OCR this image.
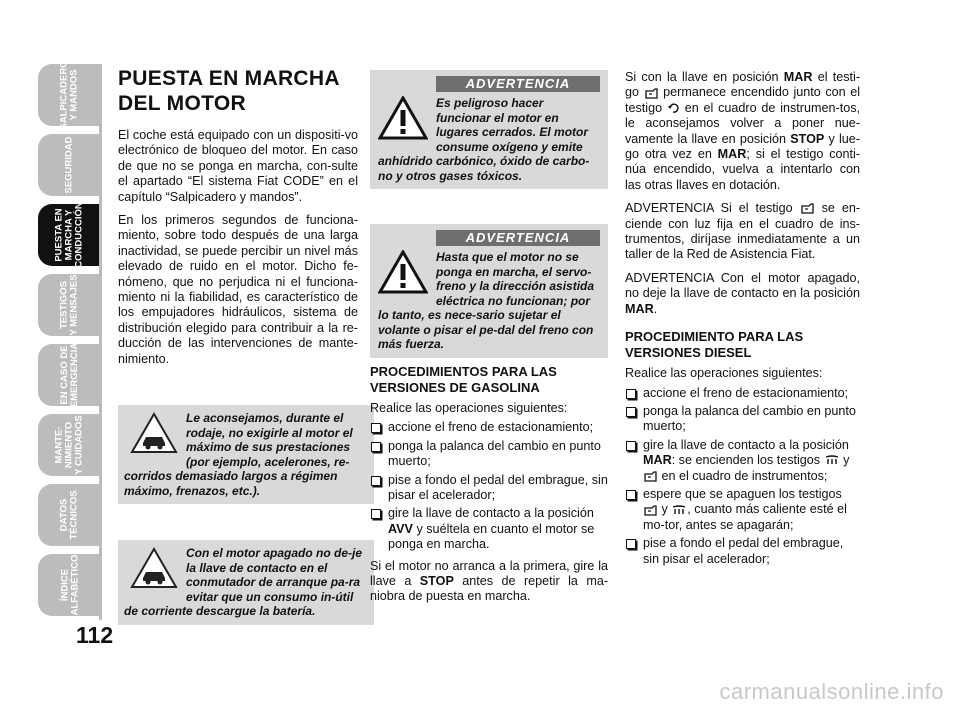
SALPICADERO
Y MANDOS
SEGURIDAD
PUESTA EN
MARCHA Y
CONDUCCIÓN
TESTIGOS
Y MENSAJES
EN CASO DE
EMERGENCIA
MANTE-
NIMIENTO
Y CUIDADOS
DATOS
TÉCNICOS
ÍNDICE
ALFABÉTICO
112
PUESTA EN MARCHA
DEL MOTOR

El coche está equipado con un dispositi-vo electrónico de bloqueo del motor. En caso de que no se ponga en marcha, con-sulte el apartado “El sistema Fiat CODE” en el capítulo “Salpicadero y mandos”.

En los primeros segundos de funciona-miento, sobre todo después de una larga inactividad, se puede percibir un nivel más elevado de ruido en el motor. Dicho fe-nómeno, que no perjudica ni el funciona-miento ni la fiabilidad, es característico de los empujadores hidráulicos, sistema de distribución elegido para contribuir a la re-ducción de las intervenciones de mante-nimiento.

Le aconsejamos, durante el rodaje, no exigirle al motor el máximo de sus prestaciones (por ejemplo, acelerones, re-corridos demasiado largos a régimen máximo, frenazos, etc.).
Con el motor apagado no de-je la llave de contacto en el conmutador de arranque pa-ra evitar que un consumo in-útil de corriente descargue la batería.
ADVERTENCIA
Es peligroso hacer funcionar el motor en lugares cerrados. El motor consume oxígeno y emite anhídrido carbónico, óxido de carbo-no y otros gases tóxicos.
ADVERTENCIA
Hasta que el motor no se ponga en marcha, el servo-freno y la dirección asistida eléctrica no funcionan; por lo tanto, es nece-sario sujetar el volante o pisar el pe-dal del freno con más fuerza.
PROCEDIMIENTOS PARA LAS VERSIONES DE GASOLINA

Realice las operaciones siguientes:

accione el freno de estacionamiento;
ponga la palanca del cambio en punto muerto;
pise a fondo el pedal del embrague, sin pisar el acelerador;
gire la llave de contacto a la posición AVV y suéltela en cuanto el motor se ponga en marcha.

Si el motor no arranca a la primera, gire la llave a STOP antes de repetir la ma-niobra de puesta en marcha.

Si con la llave en posición MAR el testi-go permanece encendido junto con el testigo en el cuadro de instrumen-tos, le aconsejamos volver a poner nue-vamente la llave en posición STOP y lue-go otra vez en MAR; si el testigo conti-núa encendido, vuelva a intentarlo con las otras llaves en dotación.

ADVERTENCIA Si el testigo se en-ciende con luz fija en el cuadro de ins-trumentos, diríjase inmediatamente a un taller de la Red de Asistencia Fiat.

ADVERTENCIA Con el motor apagado, no deje la llave de contacto en la posición MAR.

PROCEDIMIENTO PARA LAS VERSIONES DIESEL

Realice las operaciones siguientes:

accione el freno de estacionamiento;
ponga la palanca del cambio en punto muerto;
gire la llave de contacto a la posición MAR: se encienden los testigos y  en el cuadro de instrumentos;
espere que se apaguen los testigos  y , cuanto más caliente esté el mo-tor, antes se apagarán;
pise a fondo el pedal del embrague, sin pisar el acelerador;
carmanualsonline.info
